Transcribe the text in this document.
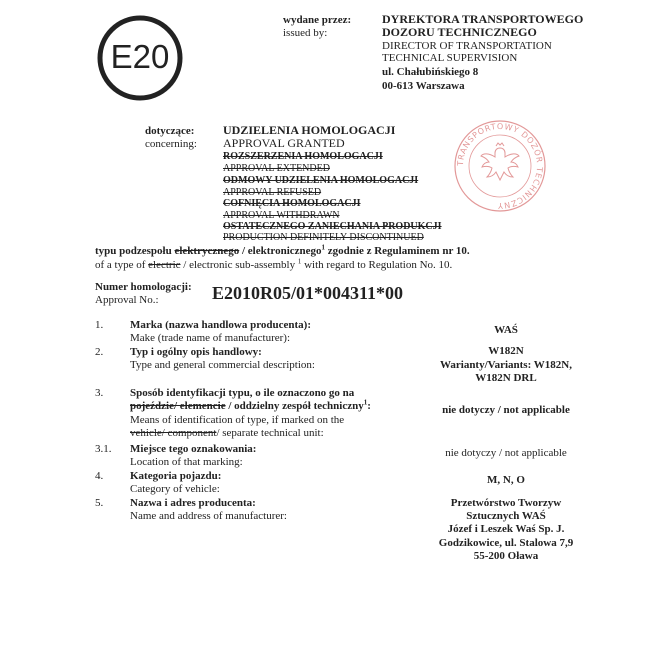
E20
wydane przez:
issued by:
DYREKTORA TRANSPORTOWEGO
DOZORU TECHNICZNEGO
DIRECTOR OF TRANSPORTATION
TECHNICAL SUPERVISION
ul. Chałubińskiego 8
00-613 Warszawa
TRANSPORTOWY DOZÓR TECHNICZNY
dotyczące:
concerning:
UDZIELENIA HOMOLOGACJI
APPROVAL GRANTED
ROZSZERZENIA HOMOLOGACJI
APPROVAL EXTENDED
ODMOWY UDZIELENIA HOMOLOGACJI
APPROVAL REFUSED
COFNIĘCIA HOMOLOGACJI
APPROVAL WITHDRAWN
OSTATECZNEGO ZANIECHANIA PRODUKCJI
PRODUCTION DEFINITELY DISCONTINUED
typu podzespołu elektrycznego / elektronicznego$^1$ zgodnie z Regulaminem nr 10.
of a type of electric / electronic sub-assembly $^1$ with regard to Regulation No. 10.
Numer homologacji:
Approval No.:	E2010R05/01*004311*00
1. Marka (nazwa handlowa producenta):
Make (trade name of manufacturer):
WAŚ
2. Typ i ogólny opis handlowy:
Type and general commercial description:
W182N
Warianty/Variants: W182N,
W182N DRL
3. Sposób identyfikacji typu, o ile oznaczono go na
pojeździe/ elemencie / oddzielny zespół techniczny$^1$:
Means of identification of type, if marked on the
vehicle/ component/ separate technical unit:
nie dotyczy / not applicable
3.1. Miejsce tego oznakowania:
Location of that marking:
nie dotyczy / not applicable
4. Kategoria pojazdu:
Category of vehicle:
M, N, O
5. Nazwa i adres producenta:
Name and address of manufacturer:
Przetwórstwo Tworzyw
Sztucznych WAŚ
Józef i Leszek Waś Sp. J.
Godzikowice, ul. Stalowa 7,9
55-200 Oława
